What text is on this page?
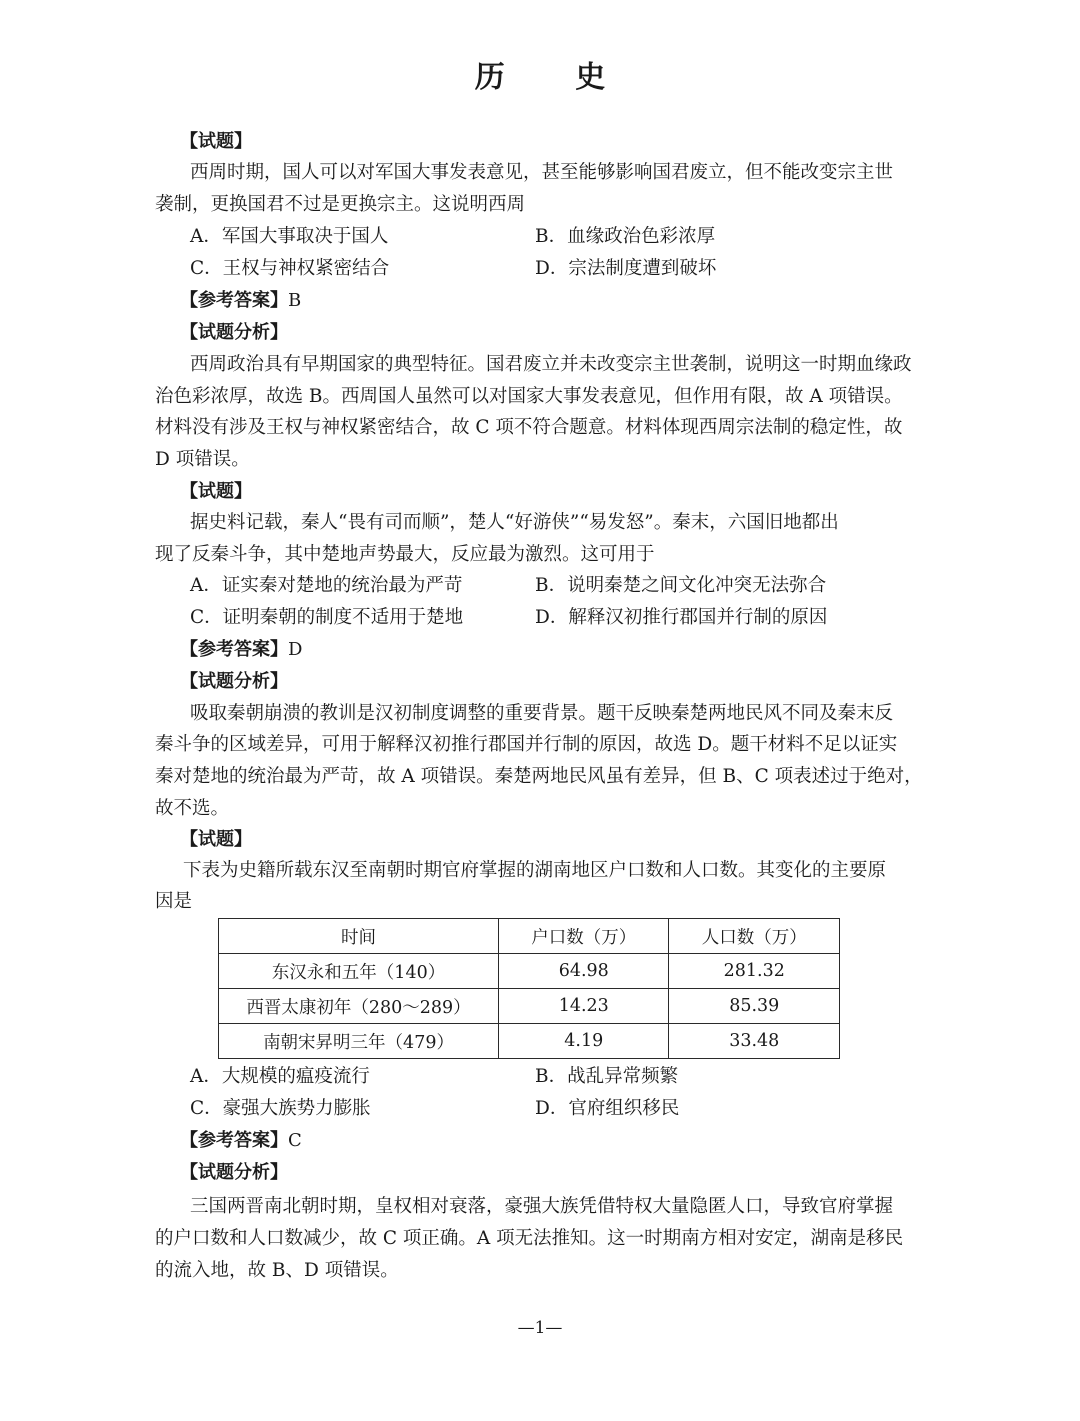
历 史
【试题】
西周时期，国人可以对军国大事发表意见，甚至能够影响国君废立，但不能改变宗主世
袭制，更换国君不过是更换宗主。这说明西周
A．军国大事取决于国人	B．血缘政治色彩浓厚
C．王权与神权紧密结合	D．宗法制度遭到破坏
【参考答案】B
【试题分析】
西周政治具有早期国家的典型特征。国君废立并未改变宗主世袭制，说明这一时期血缘政
治色彩浓厚，故选 B。西周国人虽然可以对国家大事发表意见，但作用有限，故 A 项错误。
材料没有涉及王权与神权紧密结合，故 C 项不符合题意。材料体现西周宗法制的稳定性，故
D 项错误。
【试题】
据史料记载，秦人“畏有司而顺”，楚人“好游侠”“易发怒”。秦末，六国旧地都出
现了反秦斗争，其中楚地声势最大，反应最为激烈。这可用于
A．证实秦对楚地的统治最为严苛	B．说明秦楚之间文化冲突无法弥合
C．证明秦朝的制度不适用于楚地	D．解释汉初推行郡国并行制的原因
【参考答案】D
【试题分析】
吸取秦朝崩溃的教训是汉初制度调整的重要背景。题干反映秦楚两地民风不同及秦末反
秦斗争的区域差异，可用于解释汉初推行郡国并行制的原因，故选 D。题干材料不足以证实
秦对楚地的统治最为严苛，故 A 项错误。秦楚两地民风虽有差异，但 B、C 项表述过于绝对，
故不选。
【试题】
下表为史籍所载东汉至南朝时期官府掌握的湖南地区户口数和人口数。其变化的主要原
因是
时间	户口数（万）	人口数（万）
东汉永和五年（140）	64.98	281.32
西晋太康初年（280～289）	14.23	85.39
南朝宋昇明三年（479）	4.19	33.48
A．大规模的瘟疫流行	B．战乱异常频繁
C．豪强大族势力膨胀	D．官府组织移民
【参考答案】C
【试题分析】
三国两晋南北朝时期，皇权相对衰落，豪强大族凭借特权大量隐匿人口，导致官府掌握
的户口数和人口数减少，故 C 项正确。A 项无法推知。这一时期南方相对安定，湖南是移民
的流入地，故 B、D 项错误。
—1—
